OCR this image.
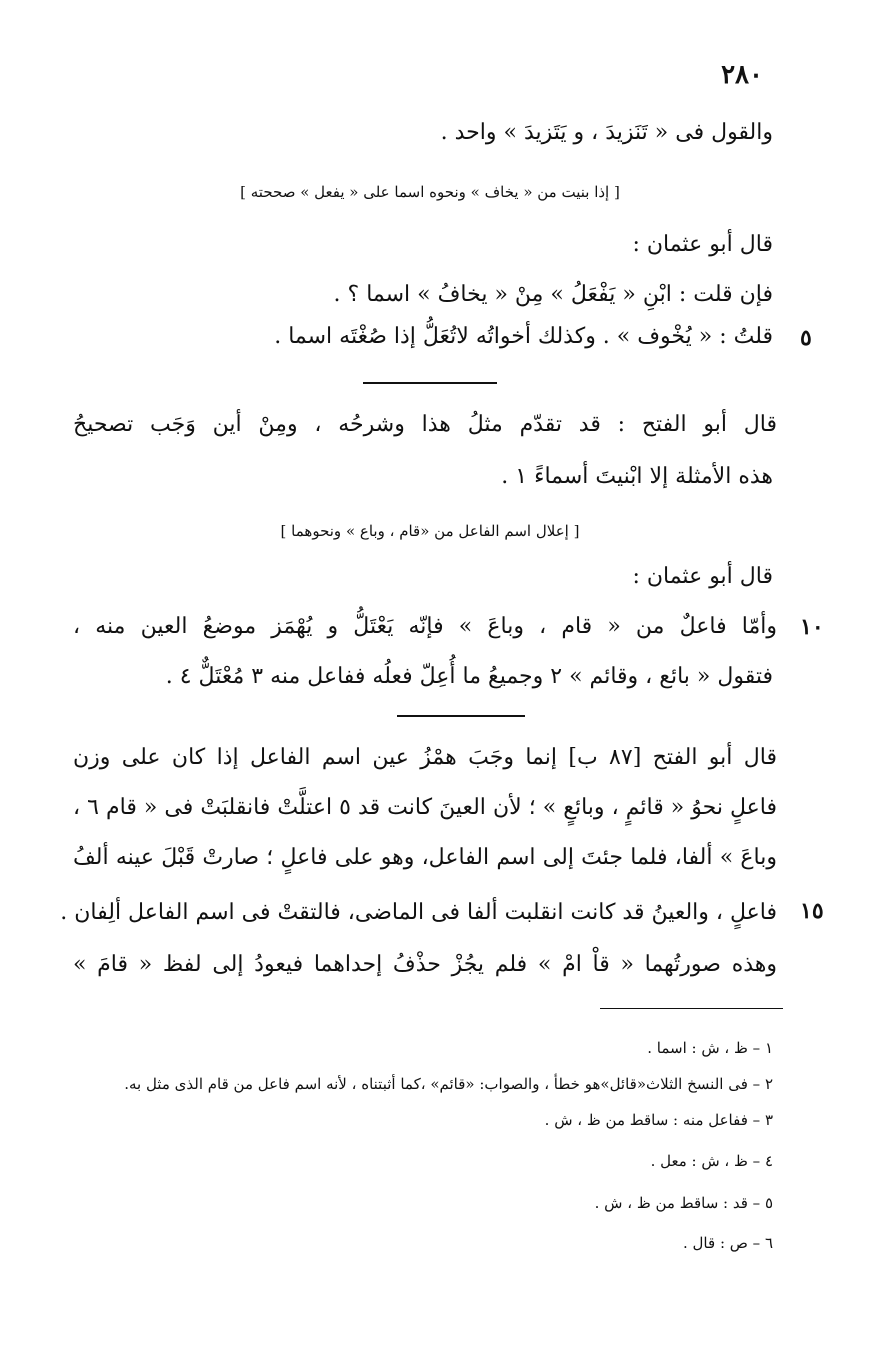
٢٨٠
والقول فى « تَنَزيدَ ، و يَتَزيدَ » واحد .
[ إذا بنيت من « يخاف » ونحوه اسما على « يفعل » صححته ]
قال أبو عثمان :
فإن قلت : ابْنِ « يَفْعَلُ » مِنْ « يخافُ » اسما ؟ .
قلتُ : « يُخْوف » . وكذلك أخواتُه لاتُعَلُّ إذا صُغْتَه اسما . ٥
قال أبو الفتح : قد تقدّم مثلُ هذا وشرحُه ، ومِنْ أين وَجَب تصحيحُ
هذه الأمثلة إلا ابْنيتَ أسماءً ١ .
[ إعلال اسم الفاعل من «قام ، وباع » ونحوهما ]
قال أبو عثمان :
وأمّا فاعلٌ من « قام ، وباعَ » فإنّه يَعْتَلُّ و يُهْمَز موضعُ العين منه ، ١٠
فتقول « بائع ، وقائم » ٢ وجميعُ ما أُعِلّ فعلُه ففاعل منه ٣ مُعْتَلٌّ ٤ .
قال أبو الفتح [٨٧ ب] إنما وجَبَ همْزُ عين اسم الفاعل إذا كان على وزن
فاعلٍ نحوُ « قائمٍ ، وبائعٍ » ؛ لأن العينَ كانت قد ٥ اعتلَّتْ فانقلبَتْ فى « قام ٦ ،
وباعَ » ألفا، فلما جئتَ إلى اسم الفاعل، وهو على فاعلٍ ؛ صارتْ قَبْلَ عينه ألفُ
فاعلٍ ، والعينُ قد كانت انقلبت ألفا فى الماضى، فالتقتْ فى اسم الفاعل ألِفان . ١٥
وهذه صورتُهما « قاْ امْ » فلم يجُزْ حذْفُ إحداهما فيعودُ إلى لفظ « قامَ »
١ – ظ ، ش : اسما .
٢ – فى النسخ الثلاث«قائل»هو خطأ ، والصواب: «قائم» ،كما أثبتناه ، لأنه اسم فاعل من قام الذى مثل به.
٣ – ففاعل منه : ساقط من ظ ، ش .
٤ – ظ ، ش : معل .
٥ – قد : ساقط من ظ ، ش .
٦ – ص : قال .
